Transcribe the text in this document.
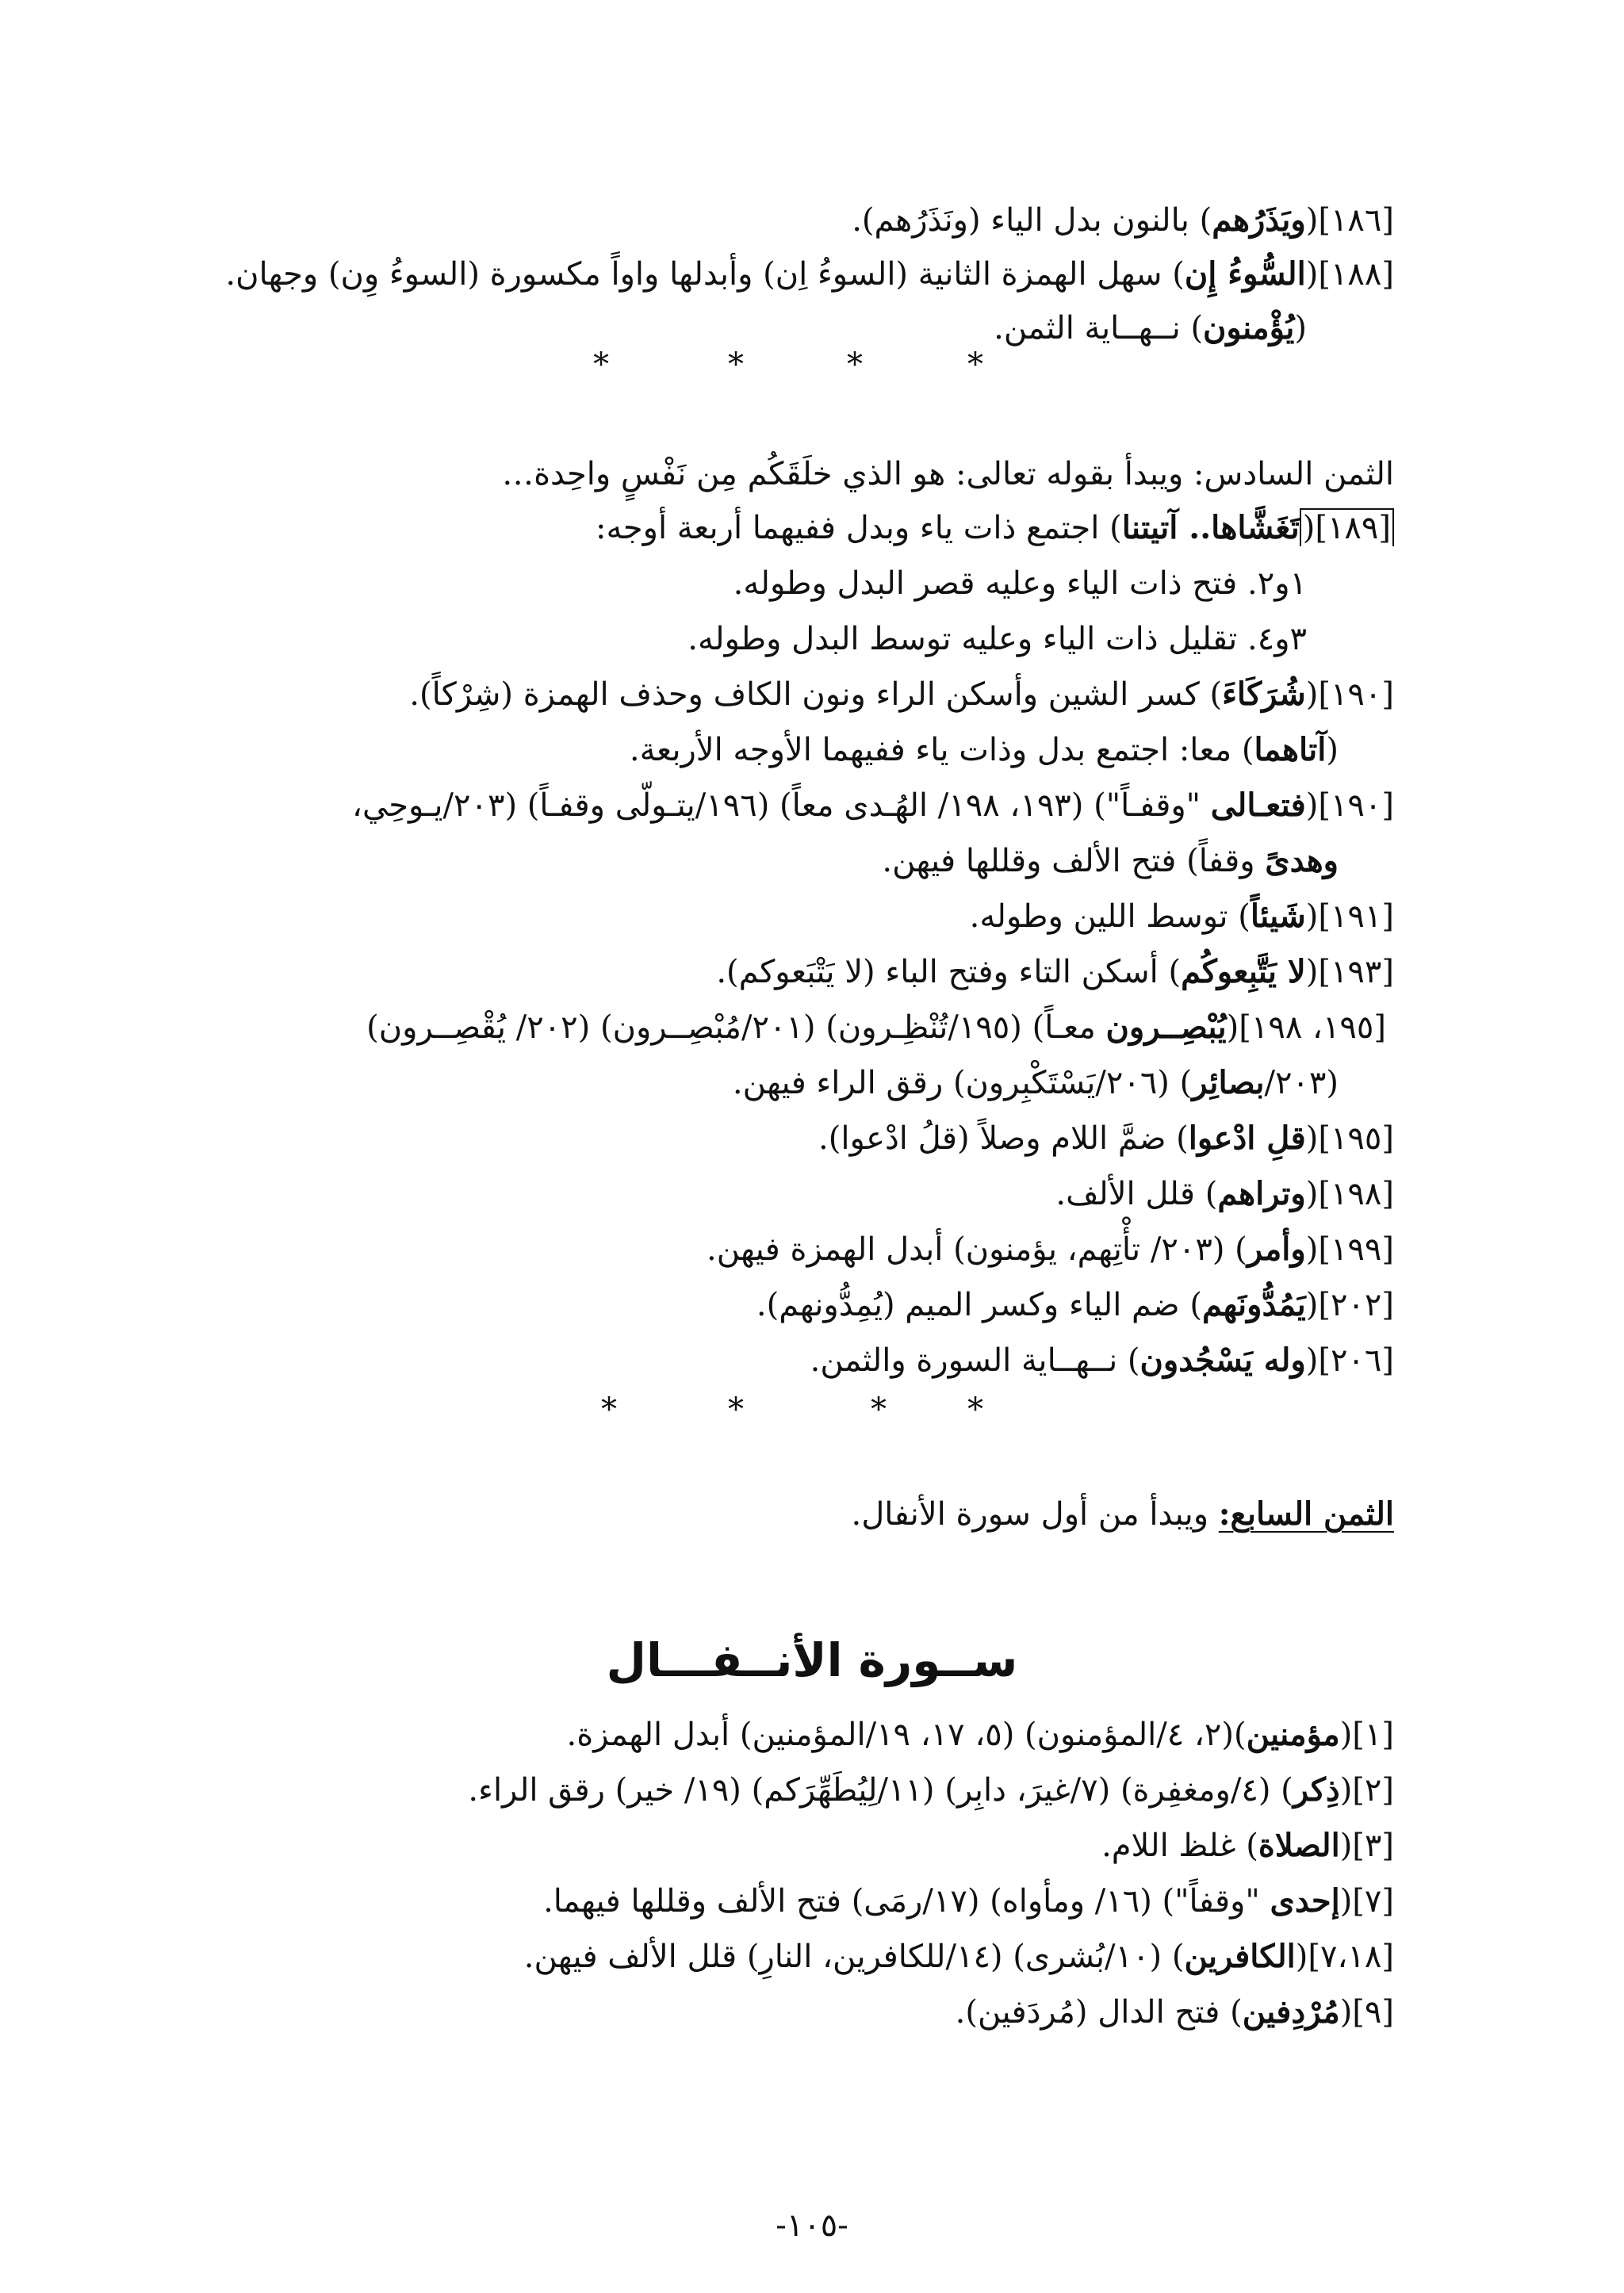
[١٨٦](ويَذَرُهم) بالنون بدل الياء (ونَذَرُهم).
[١٨٨](السُّوءُ إِن) سهل الهمزة الثانية (السوءُ اِن) وأبدلها واواً مكسورة (السوءُ وِن) وجهان.
(يُؤْمنون) نــهــاية الثمن.
*	*	*	*
الثمن السادس: ويبدأ بقوله تعالى: هو الذي خلَقَكُم مِن نَفْسٍ واحِدة…
[١٨٩](تَغَشَّاها.. آتيتنا) اجتمع ذات ياء وبدل ففيهما أربعة أوجه:
١و٢. فتح ذات الياء وعليه قصر البدل وطوله.
٣و٤. تقليل ذات الياء وعليه توسط البدل وطوله.
[١٩٠](شُرَكَاءَ) كسر الشين وأسكن الراء ونون الكاف وحذف الهمزة (شِرْكاً).
(آتاهما) معا: اجتمع بدل وذات ياء ففيهما الأوجه الأربعة.
[١٩٠](فتعـالى "وقفـاً") (١٩٣، ١٩٨/ الهُـدى معاً) (١٩٦/يتـولّى وقفـاً) (٢٠٣/يـوحِي،
وهدىً وقفاً) فتح الألف وقللها فيهن.
[١٩١](شَيئاً) توسط اللين وطوله.
[١٩٣](لا يَتَّبِعوكُم) أسكن التاء وفتح الباء (لا يَتْبَعوكم).
[١٩٥، ١٩٨](يُبْصِــرون معـاً) (١٩٥/تُنْظِـرون) (٢٠١/مُبْصِــرون) (٢٠٢/ يُقْصِــرون)
(٢٠٣/بصائِر) (٢٠٦/يَسْتَكْبِرون) رقق الراء فيهن.
[١٩٥](قلِ ادْعوا) ضمَّ اللام وصلاً (قلُ ادْعوا).
[١٩٨](وتراهم) قلل الألف.
[١٩٩](وأمر) (٢٠٣/ تأْتِهم، يؤمنون) أبدل الهمزة فيهن.
[٢٠٢](يَمُدُّونَهم) ضم الياء وكسر الميم (يُمِدُّونهم).
[٢٠٦](وله يَسْجُدون) نــهــاية السورة والثمن.
*	*	*	*
الثمن السابع: ويبدأ من أول سورة الأنفال.
ســورة الأنــفـــال
[١](مؤمنين)(٢، ٤/المؤمنون) (٥، ١٧، ١٩/المؤمنين) أبدل الهمزة.
[٢](ذِكر) (٤/ومغفِرة) (٧/غيرَ، دابِر) (١١/لِيُطَهِّرَكم) (١٩/ خير) رقق الراء.
[٣](الصلاة) غلظ اللام.
[٧](إحدى "وقفاً") (١٦/ ومأواه) (١٧/رمَى) فتح الألف وقللها فيهما.
[٧،١٨](الكافرين) (١٠/بُشرى) (١٤/للكافرين، النارِ) قلل الألف فيهن.
[٩](مُرْدِفين) فتح الدال (مُردَفين).
-١٠٥-
